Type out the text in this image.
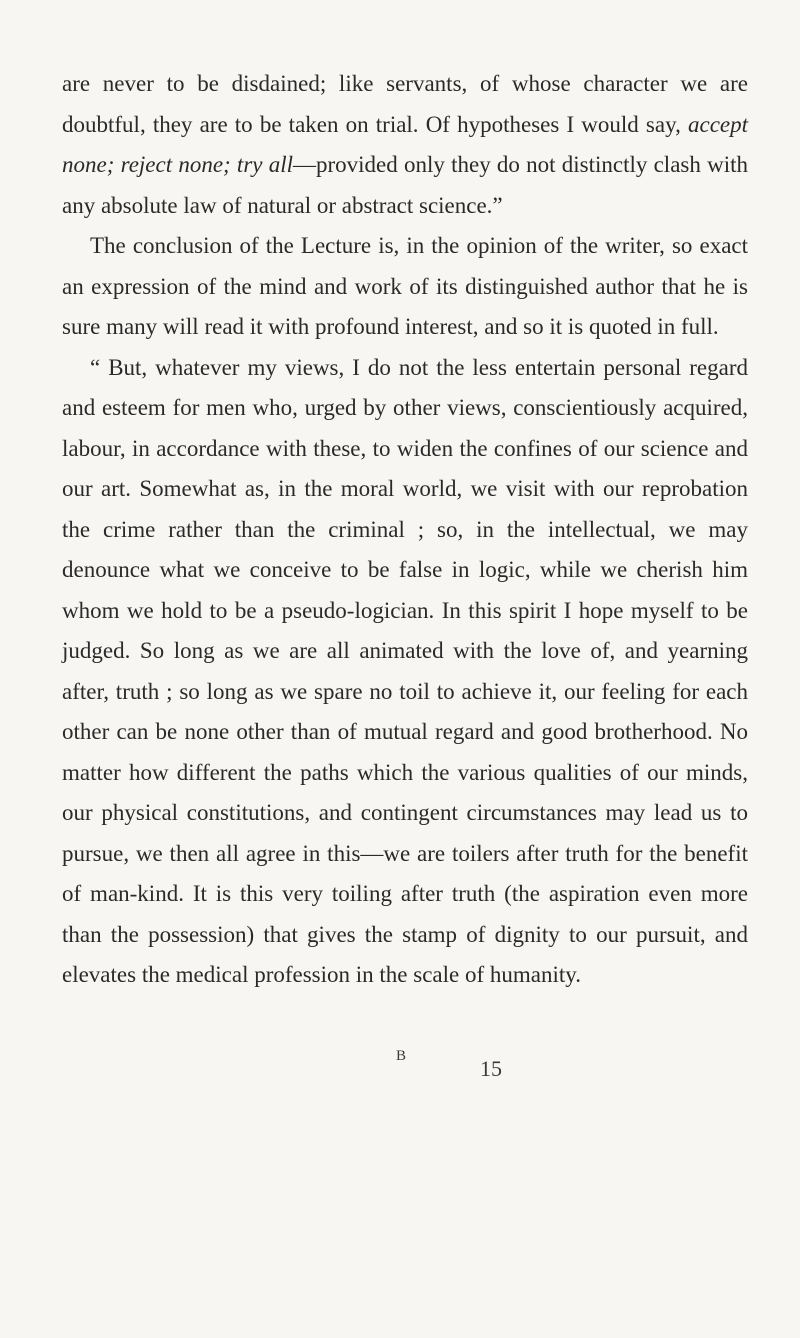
are never to be disdained; like servants, of whose character we are doubtful, they are to be taken on trial. Of hypotheses I would say, accept none; reject none; try all—provided only they do not distinctly clash with any absolute law of natural or abstract science.”

The conclusion of the Lecture is, in the opinion of the writer, so exact an expression of the mind and work of its distinguished author that he is sure many will read it with profound interest, and so it is quoted in full.

“ But, whatever my views, I do not the less entertain personal regard and esteem for men who, urged by other views, conscientiously acquired, labour, in accordance with these, to widen the confines of our science and our art. Somewhat as, in the moral world, we visit with our reprobation the crime rather than the criminal ; so, in the intellectual, we may denounce what we conceive to be false in logic, while we cherish him whom we hold to be a pseudo-logician. In this spirit I hope myself to be judged. So long as we are all animated with the love of, and yearning after, truth ; so long as we spare no toil to achieve it, our feeling for each other can be none other than of mutual regard and good brotherhood. No matter how different the paths which the various qualities of our minds, our physical constitutions, and contingent circumstances may lead us to pursue, we then all agree in this—we are toilers after truth for the benefit of man-kind. It is this very toiling after truth (the aspiration even more than the possession) that gives the stamp of dignity to our pursuit, and elevates the medical profession in the scale of humanity.

B	15
